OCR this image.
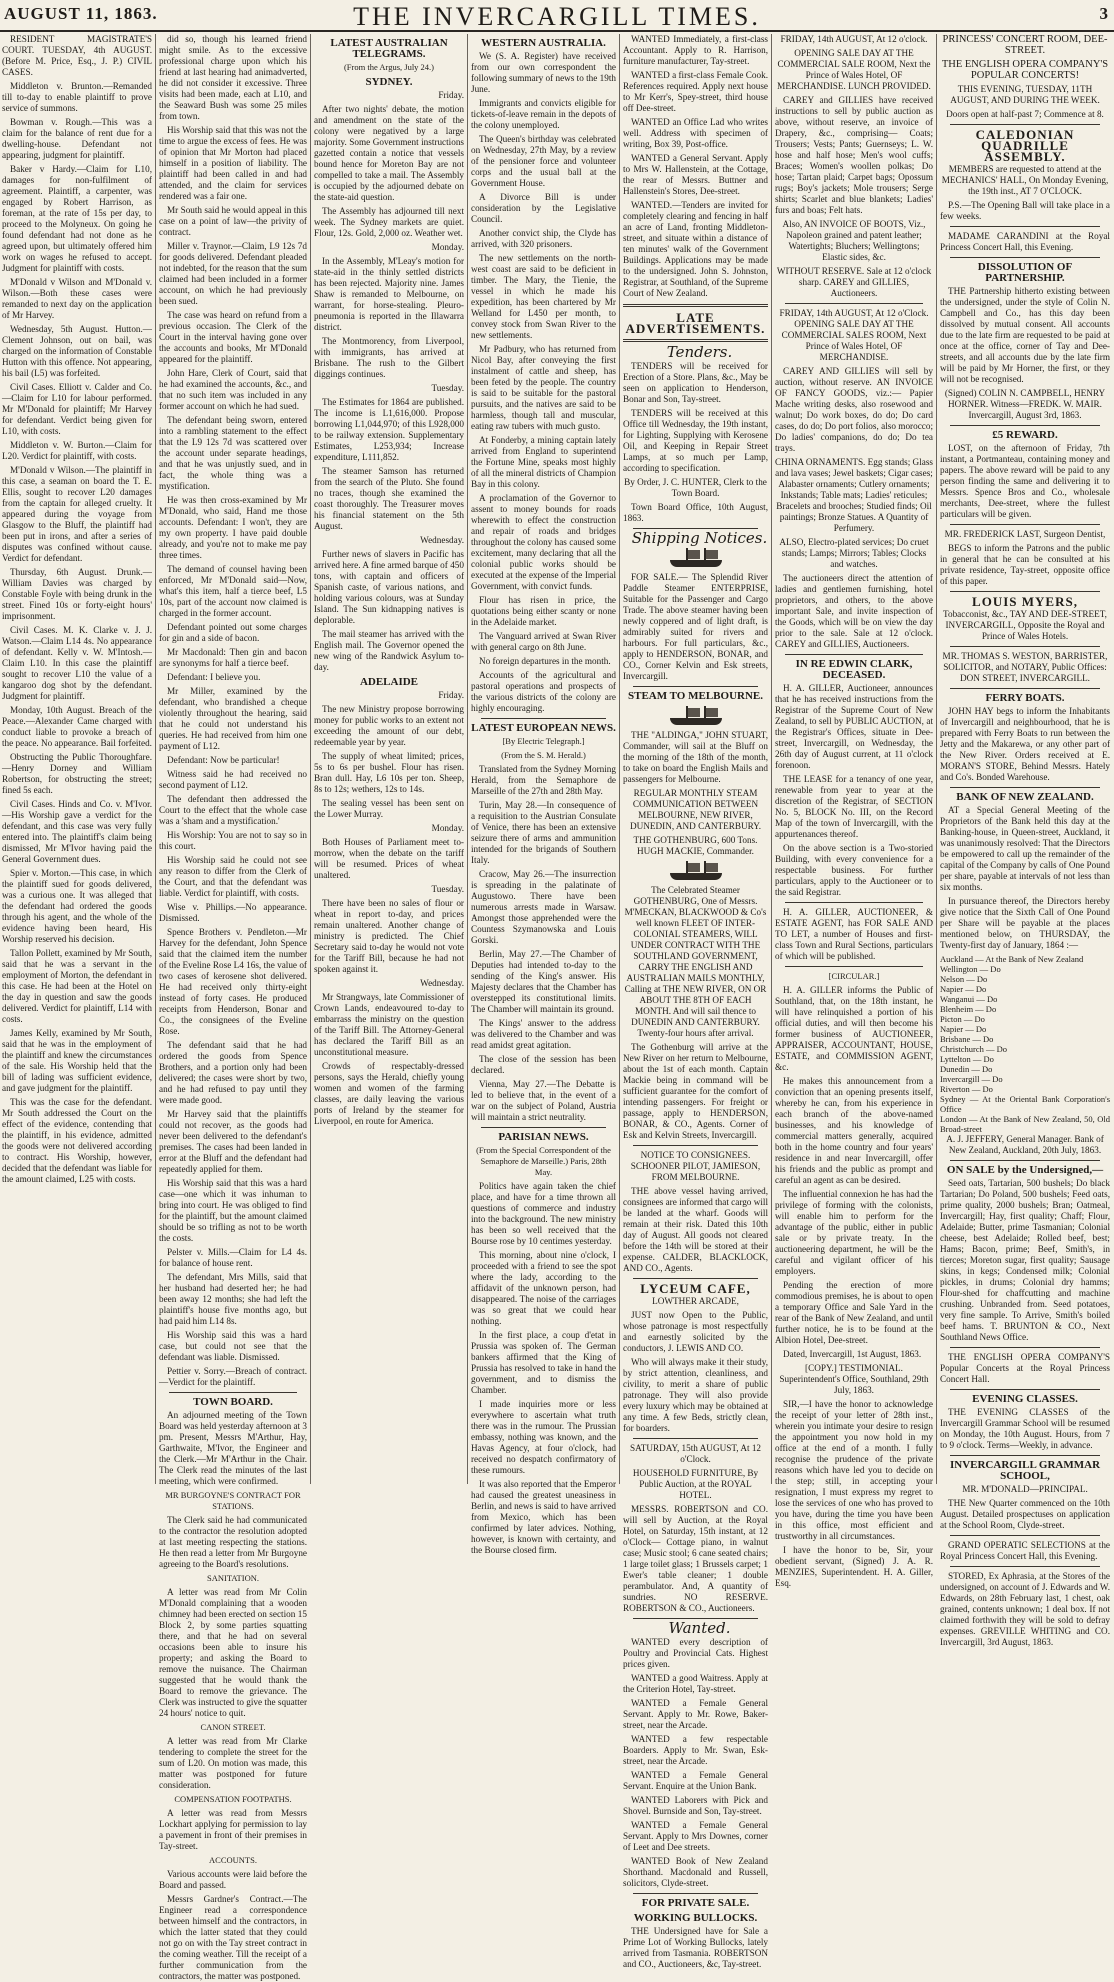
AUGUST 11, 1863.	THE INVERCARGILL TIMES.	3

RESIDENT MAGISTRATE'S COURT. TUESDAY, 4th AUGUST. (Before M. Price, Esq., J. P.) CIVIL CASES.

Middleton v. Brunton.—Remanded till to-day to enable plaintiff to prove service of summons.

Bowman v. Rough.—This was a claim for the balance of rent due for a dwelling-house. Defendant not appearing, judgment for plaintiff.

Baker v Hardy.—Claim for L10, damages for non-fulfilment of agreement. Plaintiff, a carpenter, was engaged by Robert Harrison, as foreman, at the rate of 15s per day, to proceed to the Molyneux. On going he found defendant had not done as he agreed upon, but ultimately offered him work on wages he refused to accept. Judgment for plaintiff with costs.

M'Donald v Wilson and M'Donald v. Wilson.—Both these cases were remanded to next day on the application of Mr Harvey.

Wednesday, 5th August. Hutton.—Clement Johnson, out on bail, was charged on the information of Constable Hutton with this offence. Not appearing, his bail (L5) was forfeited.

Civil Cases. Elliott v. Calder and Co.—Claim for L10 for labour performed. Mr M'Donald for plaintiff; Mr Harvey for defendant. Verdict being given for L10, with costs.

Middleton v. W. Burton.—Claim for L20. Verdict for plaintiff, with costs.

M'Donald v Wilson.—The plaintiff in this case, a seaman on board the T. E. Ellis, sought to recover L20 damages from the captain for alleged cruelty. It appeared during the voyage from Glasgow to the Bluff, the plaintiff had been put in irons, and after a series of disputes was confined without cause. Verdict for defendant.

Thursday, 6th August. Drunk.—William Davies was charged by Constable Foyle with being drunk in the street. Fined 10s or forty-eight hours' imprisonment.

Civil Cases. M. K. Clarke v. J. J. Watson.—Claim L14 4s. No appearance of defendant. Kelly v. W. M'Intosh.—Claim L10. In this case the plaintiff sought to recover L10 the value of a kangaroo dog shot by the defendant. Judgment for plaintiff.

Monday, 10th August. Breach of the Peace.—Alexander Came charged with conduct liable to provoke a breach of the peace. No appearance. Bail forfeited.

Obstructing the Public Thoroughfare.—Henry Dorney and William Robertson, for obstructing the street; fined 5s each.

Civil Cases. Hinds and Co. v. M'Ivor.—His Worship gave a verdict for the defendant, and this case was very fully entered into. The plaintiff's claim being dismissed, Mr M'Ivor having paid the General Government dues.

Spier v. Morton.—This case, in which the plaintiff sued for goods delivered, was a curious one. It was alleged that the defendant had ordered the goods through his agent, and the whole of the evidence having been heard, His Worship reserved his decision.

Tallon Pollett, examined by Mr South, said that he was a servant in the employment of Morton, the defendant in this case. He had been at the Hotel on the day in question and saw the goods delivered. Verdict for plaintiff, L14 with costs.

James Kelly, examined by Mr South, said that he was in the employment of the plaintiff and knew the circumstances of the sale. His Worship held that the bill of lading was sufficient evidence, and gave judgment for the plaintiff.

This was the case for the defendant. Mr South addressed the Court on the effect of the evidence, contending that the plaintiff, in his evidence, admitted the goods were not delivered according to contract. His Worship, however, decided that the defendant was liable for the amount claimed, L25 with costs.

did so, though his learned friend might smile. As to the excessive professional charge upon which his friend at last hearing had animadverted, he did not consider it excessive. Three visits had been made, each at L10, and the Seaward Bush was some 25 miles from town.

His Worship said that this was not the time to argue the excess of fees. He was of opinion that Mr Morton had placed himself in a position of liability. The plaintiff had been called in and had attended, and the claim for services rendered was a fair one.

Mr South said he would appeal in this case on a point of law—the privity of contract.

Miller v. Traynor.—Claim, L9 12s 7d for goods delivered. Defendant pleaded not indebted, for the reason that the sum claimed had been included in a former account, on which he had previously been sued.

The case was heard on refund from a previous occasion. The Clerk of the Court in the interval having gone over the accounts and books, Mr M'Donald appeared for the plaintiff.

John Hare, Clerk of Court, said that he had examined the accounts, &c., and that no such item was included in any former account on which he had sued.

The defendant being sworn, entered into a rambling statement to the effect that the L9 12s 7d was scattered over the account under separate headings, and that he was unjustly sued, and in fact, the whole thing was a mystification.

He was then cross-examined by Mr M'Donald, who said, Hand me those accounts. Defendant: I won't, they are my own property. I have paid double already, and you're not to make me pay three times.

The demand of counsel having been enforced, Mr M'Donald said—Now, what's this item, half a tierce beef, L5 10s, part of the account now claimed is charged in the former account.

Defendant pointed out some charges for gin and a side of bacon.

Mr Macdonald: Then gin and bacon are synonyms for half a tierce beef.

Defendant: I believe you.

Mr Miller, examined by the defendant, who brandished a cheque violently throughout the hearing, said that he could not understand his queries. He had received from him one payment of L12.

Defendant: Now be particular!

Witness said he had received no second payment of L12.

The defendant then addressed the Court to the effect that the whole case was a 'sham and a mystification.'

His Worship: You are not to say so in this court.

His Worship said he could not see any reason to differ from the Clerk of the Court, and that the defendant was liable. Verdict for plaintiff, with costs.

Wise v. Phillips.—No appearance. Dismissed.

Spence Brothers v. Pendleton.—Mr Harvey for the defendant, John Spence said that the claimed item the number of the Eveline Rose L4 16s, the value of two cases of kerosene shot delivered. He had received only thirty-eight instead of forty cases. He produced receipts from Henderson, Bonar and Co., the consignees of the Eveline Rose.

The defendant said that he had ordered the goods from Spence Brothers, and a portion only had been delivered; the cases were short by two, and he had refused to pay until they were made good.

Mr Harvey said that the plaintiffs could not recover, as the goods had never been delivered to the defendant's premises. The cases had been landed in error at the Bluff and the defendant had repeatedly applied for them.

His Worship said that this was a hard case—one which it was inhuman to bring into court. He was obliged to find for the plaintiff, but the amount claimed should be so trifling as not to be worth the costs.

Pelster v. Mills.—Claim for L4 4s. for balance of house rent.

The defendant, Mrs Mills, said that her husband had deserted her; he had been away 12 months; she had left the plaintiff's house five months ago, but had paid him L14 8s.

His Worship said this was a hard case, but could not see that the defendant was liable. Dismissed.

Pettier v. Sorry.—Breach of contract.—Verdict for the plaintiff.

TOWN BOARD.

An adjourned meeting of the Town Board was held yesterday afternoon at 3 pm. Present, Messrs M'Arthur, Hay, Garthwaite, M'Ivor, the Engineer and the Clerk.—Mr M'Arthur in the Chair. The Clerk read the minutes of the last meeting, which were confirmed.

MR BURGOYNE'S CONTRACT FOR STATIONS.

The Clerk said he had communicated to the contractor the resolution adopted at last meeting respecting the stations. He then read a letter from Mr Burgoyne agreeing to the Board's resolutions.

SANITATION.

A letter was read from Mr Colin M'Donald complaining that a wooden chimney had been erected on section 15 Block 2, by some parties squatting there, and that he had on several occasions been able to insure his property; and asking the Board to remove the nuisance. The Chairman suggested that he would thank the Board to remove the grievance. The Clerk was instructed to give the squatter 24 hours' notice to quit.

CANON STREET.

A letter was read from Mr Clarke tendering to complete the street for the sum of L20. On motion was made, this matter was postponed for future consideration.

COMPENSATION FOOTPATHS.

A letter was read from Messrs Lockhart applying for permission to lay a pavement in front of their premises in Tay-street.

ACCOUNTS.

Various accounts were laid before the Board and passed.

Messrs Gardner's Contract.—The Engineer read a correspondence between himself and the contractors, in which the latter stated that they could not go on with the Tay street contract in the coming weather. Till the receipt of a further communication from the contractors, the matter was postponed.

LATEST AUSTRALIAN TELEGRAMS.

(From the Argus, July 24.)

SYDNEY.

Friday.

After two nights' debate, the motion and amendment on the state of the colony were negatived by a large majority. Some Government instructions gazetted contain a notice that vessels bound hence for Moreton Bay are not compelled to take a mail. The Assembly is occupied by the adjourned debate on the state-aid question.

The Assembly has adjourned till next week. The Sydney markets are quiet. Flour, 12s. Gold, 2,000 oz. Weather wet.

Monday.

In the Assembly, M'Leay's motion for state-aid in the thinly settled districts has been rejected. Majority nine. James Shaw is remanded to Melbourne, on warrant, for horse-stealing. Pleuro-pneumonia is reported in the Illawarra district.

The Montmorency, from Liverpool, with immigrants, has arrived at Brisbane. The rush to the Gilbert diggings continues.

Tuesday.

The Estimates for 1864 are published. The income is L1,616,000. Propose borrowing L1,044,970; of this L928,000 to be railway extension. Supplementary Estimates, L253,934; Increase expenditure, L111,852.

The steamer Samson has returned from the search of the Pluto. She found no traces, though she examined the coast thoroughly. The Treasurer moves his financial statement on the 5th August.

Wednesday.

Further news of slavers in Pacific has arrived here. A fine armed barque of 450 tons, with captain and officers of Spanish caste, of various nations, and holding various colours, was at Sunday Island. The Sun kidnapping natives is deplorable.

The mail steamer has arrived with the English mail. The Governor opened the new wing of the Randwick Asylum to-day.

ADELAIDE

Friday.

The new Ministry propose borrowing money for public works to an extent not exceeding the amount of our debt, redeemable year by year.

The supply of wheat limited; prices, 5s to 6s per bushel. Flour has risen. Bran dull. Hay, L6 10s per ton. Sheep, 8s to 12s; wethers, 12s to 14s.

The sealing vessel has been sent on the Lower Murray.

Monday.

Both Houses of Parliament meet to-morrow, when the debate on the tariff will be resumed. Prices of wheat unaltered.

Tuesday.

There have been no sales of flour or wheat in report to-day, and prices remain unaltered. Another change of ministry is predicted. The Chief Secretary said to-day he would not vote for the Tariff Bill, because he had not spoken against it.

Wednesday.

Mr Strangways, late Commissioner of Crown Lands, endeavoured to-day to embarrass the ministry on the question of the Tariff Bill. The Attorney-General has declared the Tariff Bill as an unconstitutional measure.

Crowds of respectably-dressed persons, says the Herald, chiefly young women and women of the farming classes, are daily leaving the various ports of Ireland by the steamer for Liverpool, en route for America.

WESTERN AUSTRALIA.

We (S. A. Register) have received from our own correspondent the following summary of news to the 19th June.

Immigrants and convicts eligible for tickets-of-leave remain in the depots of the colony unemployed.

The Queen's birthday was celebrated on Wednesday, 27th May, by a review of the pensioner force and volunteer corps and the usual ball at the Government House.

A Divorce Bill is under consideration by the Legislative Council.

Another convict ship, the Clyde has arrived, with 320 prisoners.

The new settlements on the north-west coast are said to be deficient in timber. The Mary, the Tienie, the vessel in which he made his expedition, has been chartered by Mr Welland for L450 per month, to convey stock from Swan River to the new settlements.

Mr Padbury, who has returned from Nicol Bay, after conveying the first instalment of cattle and sheep, has been feted by the people. The country is said to be suitable for the pastoral pursuits, and the natives are said to be harmless, though tall and muscular, eating raw tubers with much gusto.

At Fonderby, a mining captain lately arrived from England to superintend the Fortune Mine, speaks most highly of all the mineral districts of Champion Bay in this colony.

A proclamation of the Governor to assent to money bounds for roads wherewith to effect the construction and repair of roads and bridges throughout the colony has caused some excitement, many declaring that all the colonial public works should be executed at the expense of the Imperial Government, with convict funds.

Flour has risen in price, the quotations being either scanty or none in the Adelaide market.

The Vanguard arrived at Swan River with general cargo on 8th June.

No foreign departures in the month.

Accounts of the agricultural and pastoral operations and prospects of the various districts of the colony are highly encouraging.

LATEST EUROPEAN NEWS.

[By Electric Telegraph.]

(From the S. M. Herald.)

Translated from the Sydney Morning Herald, from the Semaphore de Marseille of the 27th and 28th May.

Turin, May 28.—In consequence of a requisition to the Austrian Consulate of Venice, there has been an extensive seizure there of arms and ammunition intended for the brigands of Southern Italy.

Cracow, May 26.—The insurrection is spreading in the palatinate of Augustowo. There have been numerous arrests made in Warsaw. Amongst those apprehended were the Countess Szymanowska and Louis Gorski.

Berlin, May 27.—The Chamber of Deputies had intended to-day to the sending of the King's answer. His Majesty declares that the Chamber has overstepped its constitutional limits. The Chamber will maintain its ground.

The Kings' answer to the address was delivered to the Chamber and was read amidst great agitation.

The close of the session has been declared.

Vienna, May 27.—The Debatte is led to believe that, in the event of a war on the subject of Poland, Austria will maintain a strict neutrality.

PARISIAN NEWS.

(From the Special Correspondent of the Semaphore de Marseille.) Paris, 28th May.

Politics have again taken the chief place, and have for a time thrown all questions of commerce and industry into the background. The new ministry has been so well received that the Bourse rose by 10 centimes yesterday.

This morning, about nine o'clock, I proceeded with a friend to see the spot where the lady, according to the affidavit of the unknown person, had disappeared. The noise of the carriages was so great that we could hear nothing.

In the first place, a coup d'etat in Prussia was spoken of. The German bankers affirmed that the King of Prussia has resolved to take in hand the government, and to dismiss the Chamber.

I made inquiries more or less everywhere to ascertain what truth there was in the rumour. The Prussian embassy, nothing was known, and the Havas Agency, at four o'clock, had received no despatch confirmatory of these rumours.

It was also reported that the Emperor had caused the greatest uneasiness in Berlin, and news is said to have arrived from Mexico, which has been confirmed by later advices. Nothing, however, is known with certainty, and the Bourse closed firm.

WANTED Immediately, a first-class Accountant. Apply to R. Harrison, furniture manufacturer, Tay-street.

WANTED a first-class Female Cook. References required. Apply next house to Mr Kerr's, Spey-street, third house off Dee-street.

WANTED an Office Lad who writes well. Address with specimen of writing, Box 39, Post-office.

WANTED a General Servant. Apply to Mrs W. Hallenstein, at the Cottage, the rear of Messrs. Buttner and Hallenstein's Stores, Dee-street.

WANTED.—Tenders are invited for completely clearing and fencing in half an acre of Land, fronting Middleton-street, and situate within a distance of ten minutes' walk of the Government Buildings. Applications may be made to the undersigned. John S. Johnston, Registrar, at Southland, of the Supreme Court of New Zealand.

LATE ADVERTISEMENTS.

Tenders.

TENDERS will be received for Erection of a Store. Plans, &c., May be seen on application to Henderson, Bonar and Son, Tay-street.

TENDERS will be received at this Office till Wednesday, the 19th instant, for Lighting, Supplying with Kerosene Oil, and Keeping in Repair Street Lamps, at so much per Lamp, according to specification.

By Order, J. C. HUNTER, Clerk to the Town Board.

Town Board Office, 10th August, 1863.

Shipping Notices.

FOR SALE.— The Splendid River Paddle Steamer ENTERPRISE, Suitable for the Passenger and Cargo Trade. The above steamer having been newly coppered and of light draft, is admirably suited for rivers and harbours. For full particulars, &c., apply to HENDERSON, BONAR, and CO., Corner Kelvin and Esk streets, Invercargill.

STEAM TO MELBOURNE.

THE "ALDINGA," JOHN STUART, Commander, will sail at the Bluff on the morning of the 18th of the month, to take on board the English Mails and passengers for Melbourne.

REGULAR MONTHLY STEAM COMMUNICATION BETWEEN MELBOURNE, NEW RIVER, DUNEDIN, AND CANTERBURY.

THE GOTHENBURG, 600 Tons. HUGH MACKIE, Commander.

The Celebrated Steamer GOTHENBURG, One of Messrs. M'MECKAN, BLACKWOOD & Co's well known FLEET OF INTER-COLONIAL STEAMERS, WILL UNDER CONTRACT WITH THE SOUTHLAND GOVERNMENT, CARRY THE ENGLISH AND AUSTRALIAN MAILS MONTHLY, Calling at THE NEW RIVER, ON OR ABOUT THE 8TH OF EACH MONTH. And will sail thence to DUNEDIN AND CANTERBURY. Twenty-four hours after arrival.

The Gothenburg will arrive at the New River on her return to Melbourne, about the 1st of each month. Captain Mackie being in command will be sufficient guarantee for the comfort of intending passengers. For freight or passage, apply to HENDERSON, BONAR, & CO., Agents. Corner of Esk and Kelvin Streets, Invercargill.

NOTICE TO CONSIGNEES. SCHOONER PILOT, JAMIESON, FROM MELBOURNE.

THE above vessel having arrived, consignees are informed that cargo will be landed at the wharf. Goods will remain at their risk. Dated this 10th day of August. All goods not cleared before the 14th will be stored at their expense. CALDER, BLACKLOCK, AND CO., Agents.

LYCEUM CAFE,

LOWTHER ARCADE,

JUST now Open to the Public, whose patronage is most respectfully and earnestly solicited by the conductors, J. LEWIS AND CO.

Who will always make it their study, by strict attention, cleanliness, and civility, to merit a share of public patronage. They will also provide every luxury which may be obtained at any time. A few Beds, strictly clean, for boarders.

SATURDAY, 15th AUGUST, At 12 o'Clock.

HOUSEHOLD FURNITURE, By Public Auction, at the ROYAL HOTEL.

MESSRS. ROBERTSON and CO. will sell by Auction, at the Royal Hotel, on Saturday, 15th instant, at 12 o'Clock— Cottage piano, in walnut case; Music stool; 6 cane seated chairs; 1 large toilet glass; 1 Brussels carpet; 1 Ewer's table cleaner; 1 double perambulator. And, A quantity of sundries. NO RESERVE. ROBERTSON & CO., Auctioneers.

Wanted.

WANTED every description of Poultry and Provincial Cats. Highest prices given.

WANTED a good Waitress. Apply at the Criterion Hotel, Tay-street.

WANTED a Female General Servant. Apply to Mr. Rowe, Baker-street, near the Arcade.

WANTED a few respectable Boarders. Apply to Mr. Swan, Esk-street, near the Arcade.

WANTED a Female General Servant. Enquire at the Union Bank.

WANTED Laborers with Pick and Shovel. Burnside and Son, Tay-street.

WANTED a Female General Servant. Apply to Mrs Downes, corner of Leet and Dee streets.

WANTED Book of New Zealand Shorthand. Macdonald and Russell, solicitors, Clyde-street.

FOR PRIVATE SALE.

WORKING BULLOCKS.

THE Undersigned have for Sale a Prime Lot of Working Bullocks, lately arrived from Tasmania. ROBERTSON and CO., Auctioneers, &c, Tay-street.

FRIDAY, 14th AUGUST, At 12 o'clock.

OPENING SALE DAY AT THE COMMERCIAL SALE ROOM, Next the Prince of Wales Hotel, OF MERCHANDISE. LUNCH PROVIDED.

CAREY and GILLIES have received instructions to sell by public auction as above, without reserve, an invoice of Drapery, &c., comprising— Coats; Trousers; Vests; Pants; Guernseys; L. W. hose and half hose; Men's wool cuffs; Braces; Women's woollen polkas; Do hose; Tartan plaid; Carpet bags; Opossum rugs; Boy's jackets; Mole trousers; Serge shirts; Scarlet and blue blankets; Ladies' furs and boas; Felt hats.

Also, AN INVOICE OF BOOTS, Viz., Napoleon grained and patent leather; Watertights; Bluchers; Wellingtons; Elastic sides, &c.

WITHOUT RESERVE. Sale at 12 o'clock sharp. CAREY and GILLIES, Auctioneers.

FRIDAY, 14th AUGUST, At 12 o'Clock. OPENING SALE DAY AT THE COMMERCIAL SALES ROOM, Next Prince of Wales Hotel, OF MERCHANDISE.

CAREY AND GILLIES will sell by auction, without reserve. AN INVOICE OF FANCY GOODS, viz.:— Papier Mache writing desks, also rosewood and walnut; Do work boxes, do do; Do card cases, do do; Do port folios, also morocco; Do ladies' companions, do do; Do tea trays.

CHINA ORNAMENTS. Egg stands; Glass and lava vases; Jewel baskets; Cigar cases; Alabaster ornaments; Cutlery ornaments; Inkstands; Table mats; Ladies' reticules; Bracelets and brooches; Studied finds; Oil paintings; Bronze Statues. A Quantity of Perfumery.

ALSO, Electro-plated services; Do cruet stands; Lamps; Mirrors; Tables; Clocks and watches.

The auctioneers direct the attention of ladies and gentlemen furnishing, hotel proprietors, and others, to the above important Sale, and invite inspection of the Goods, which will be on view the day prior to the sale. Sale at 12 o'clock. CAREY and GILLIES, Auctioneers.

IN RE EDWIN CLARK, DECEASED.

H. A. GILLER, Auctioneer, announces that he has received instructions from the Registrar of the Supreme Court of New Zealand, to sell by PUBLIC AUCTION, at the Registrar's Offices, situate in Dee-street, Invercargill, on Wednesday, the 26th day of August current, at 11 o'clock forenoon.

THE LEASE for a tenancy of one year, renewable from year to year at the discretion of the Registrar, of SECTION No. 5, BLOCK No. III, on the Record Map of the town of Invercargill, with the appurtenances thereof.

On the above section is a Two-storied Building, with every convenience for a respectable business. For further particulars, apply to the Auctioneer or to the said Registrar.

H. A. GILLER, AUCTIONEER, & ESTATE AGENT, has FOR SALE AND TO LET, a number of Houses and first-class Town and Rural Sections, particulars of which will be published.

[CIRCULAR.]

H. A. GILLER informs the Public of Southland, that, on the 18th instant, he will have relinquished a portion of his official duties, and will then become his former business of AUCTIONEER, APPRAISER, ACCOUNTANT, HOUSE, ESTATE, and COMMISSION AGENT, &c.

He makes this announcement from a conviction that an opening presents itself, whereby he can, from his experience in each branch of the above-named businesses, and his knowledge of commercial matters generally, acquired both in the home country and four years' residence in and near Invercargill, offer his friends and the public as prompt and careful an agent as can be desired.

The influential connexion he has had the privilege of forming with the colonists, will enable him to perform for the advantage of the public, either in public sale or by private treaty. In the auctioneering department, he will be the careful and vigilant officer of his employers.

Pending the erection of more commodious premises, he is about to open a temporary Office and Sale Yard in the rear of the Bank of New Zealand, and until further notice, he is to be found at the Albion Hotel, Dee-street.

Dated, Invercargill, 1st August, 1863.

[COPY.] TESTIMONIAL. Superintendent's Office, Southland, 29th July, 1863.

SIR,—I have the honor to acknowledge the receipt of your letter of 28th inst., wherein you intimate your desire to resign the appointment you now hold in my office at the end of a month. I fully recognise the prudence of the private reasons which have led you to decide on the step; still, in accepting your resignation, I must express my regret to lose the services of one who has proved to you have, during the time you have been in this office, most efficient and trustworthy in all circumstances.

I have the honor to be, Sir, your obedient servant, (Signed) J. A. R. MENZIES, Superintendent. H. A. Giller, Esq.

PRINCESS' CONCERT ROOM, DEE-STREET.

THE ENGLISH OPERA COMPANY'S POPULAR CONCERTS!

THIS EVENING, TUESDAY, 11TH AUGUST, AND DURING THE WEEK.

Doors open at half-past 7; Commence at 8.

CALEDONIAN QUADRILLE ASSEMBLY.

MEMBERS are requested to attend at the MECHANICS' HALL, On Monday Evening, the 19th inst., AT 7 O'CLOCK.

P.S.—The Opening Ball will take place in a few weeks.

MADAME CARANDINI at the Royal Princess Concert Hall, this Evening.

DISSOLUTION OF PARTNERSHIP.

THE Partnership hitherto existing between the undersigned, under the style of Colin N. Campbell and Co., has this day been dissolved by mutual consent. All accounts due to the late firm are requested to be paid at once at the office, corner of Tay and Dee-streets, and all accounts due by the late firm will be paid by Mr Horner, the first, or they will not be recognised.

(Signed) COLIN N. CAMPBELL, HENRY HORNER. Witness—FREDK. W. MAIR. Invercargill, August 3rd, 1863.

£5 REWARD.

LOST, on the afternoon of Friday, 7th instant, a Portmanteau, containing money and papers. The above reward will be paid to any person finding the same and delivering it to Messrs. Spence Bros and Co., wholesale merchants, Dee-street, where the fullest particulars will be given.

MR. FREDERICK LAST, Surgeon Dentist,

BEGS to inform the Patrons and the public in general that he can be consulted at his private residence, Tay-street, opposite office of this paper.

LOUIS MYERS,

Tobacconist, &c., TAY AND DEE-STREET, INVERCARGILL, Opposite the Royal and Prince of Wales Hotels.

MR. THOMAS S. WESTON, BARRISTER, SOLICITOR, and NOTARY, Public Offices: DON STREET, INVERCARGILL.

FERRY BOATS.

JOHN HAY begs to inform the Inhabitants of Invercargill and neighbourhood, that he is prepared with Ferry Boats to run between the Jetty and the Makarewa, or any other part of the New River. Orders received at E. MORAN'S STORE, Behind Messrs. Hately and Co's. Bonded Warehouse.

BANK OF NEW ZEALAND.

AT a Special General Meeting of the Proprietors of the Bank held this day at the Banking-house, in Queen-street, Auckland, it was unanimously resolved: That the Directors be empowered to call up the remainder of the capital of the Company by calls of One Pound per share, payable at intervals of not less than six months.

In pursuance thereof, the Directors hereby give notice that the Sixth Call of One Pound per Share will be payable at the places mentioned below, on THURSDAY, the Twenty-first day of January, 1864 :—

Auckland — At the Bank of New Zealand
Wellington — Do
Nelson — Do
Napier — Do
Wanganui — Do
Blenheim — Do
Picton — Do
Napier — Do
Brisbane — Do
Christchurch — Do
Lyttelton — Do
Dunedin — Do
Invercargill — Do
Riverton — Do
Sydney — At the Oriental Bank Corporation's Office
London — At the Bank of New Zealand, 50, Old Broad-street

A. J. JEFFERY, General Manager. Bank of New Zealand, Auckland, 20th July, 1863.

ON SALE by the Undersigned,—

Seed oats, Tartarian, 500 bushels; Do black Tartarian; Do Poland, 500 bushels; Feed oats, prime quality, 2000 bushels; Bran; Oatmeal, Invercargill; Hay, first quality; Chaff; Flour, Adelaide; Butter, prime Tasmanian; Colonial cheese, best Adelaide; Rolled beef, best; Hams; Bacon, prime; Beef, Smith's, in tierces; Moreton sugar, first quality; Sausage skins, in kegs; Condensed milk; Colonial pickles, in drums; Colonial dry hamms; Flour-shed for chaffcutting and machine crushing. Unbranded from. Seed potatoes, very fine sample. To Arrive, Smith's boiled beef hams. T. BRUNTON & CO., Next Southland News Office.

THE ENGLISH OPERA COMPANY'S Popular Concerts at the Royal Princess Concert Hall.

EVENING CLASSES.

THE EVENING CLASSES of the Invercargill Grammar School will be resumed on Monday, the 10th August. Hours, from 7 to 9 o'clock. Terms—Weekly, in advance.

INVERCARGILL GRAMMAR SCHOOL,

MR. M'DONALD—PRINCIPAL.

THE New Quarter commenced on the 10th August. Detailed prospectuses on application at the School Room, Clyde-street.

GRAND OPERATIC SELECTIONS at the Royal Princess Concert Hall, this Evening.

STORED, Ex Aphrasia, at the Stores of the undersigned, on account of J. Edwards and W. Edwards, on 28th February last, 1 chest, oak grained, contents unknown; 1 deal box. If not claimed forthwith they will be sold to defray expenses. GREVILLE WHITING and CO. Invercargill, 3rd August, 1863.
